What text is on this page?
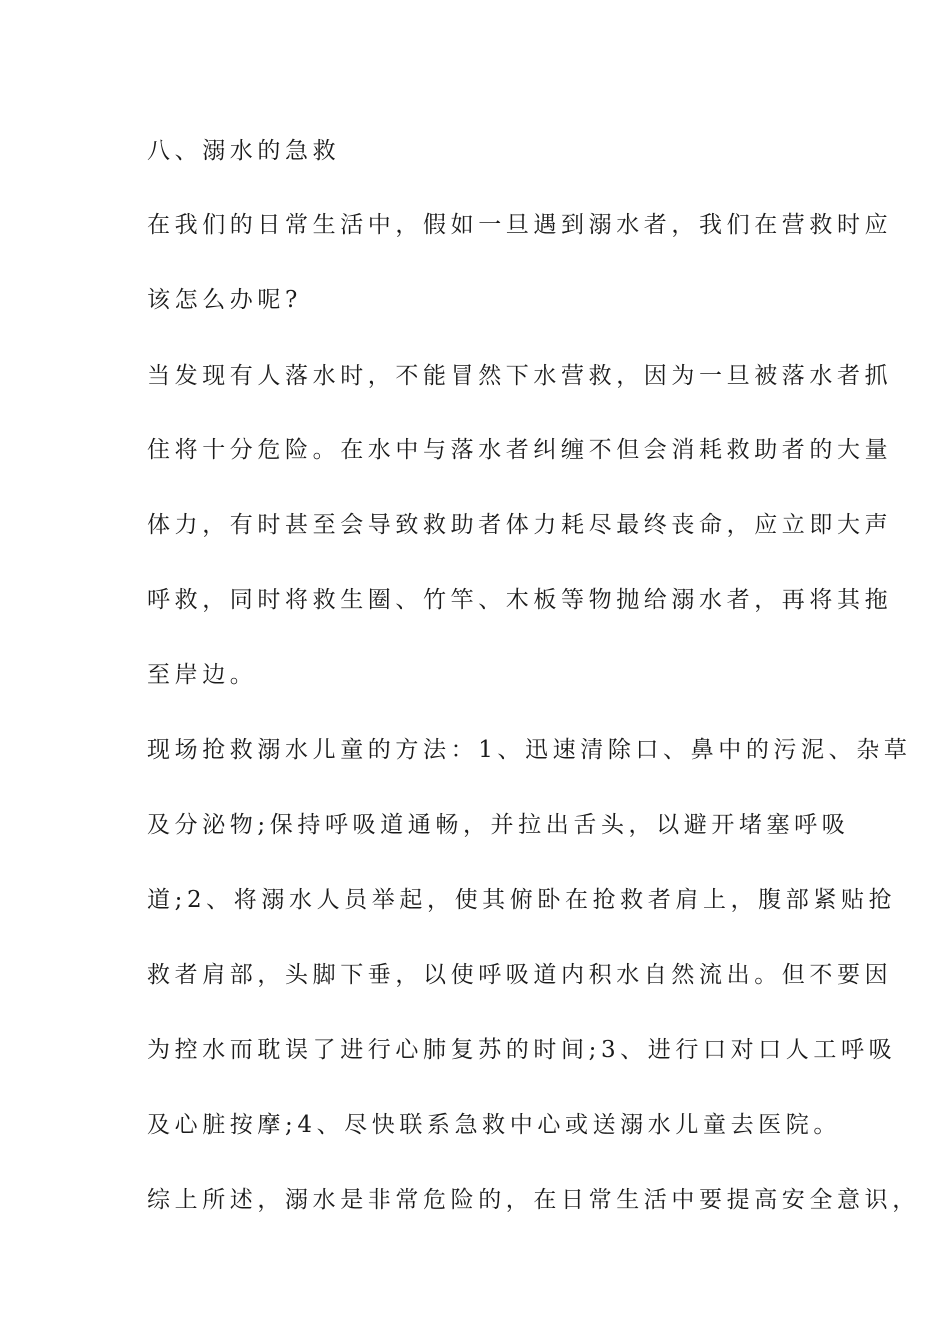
八、溺水的急救
在我们的日常生活中，假如一旦遇到溺水者，我们在营救时应
该怎么办呢?
当发现有人落水时，不能冒然下水营救，因为一旦被落水者抓
住将十分危险。在水中与落水者纠缠不但会消耗救助者的大量
体力，有时甚至会导致救助者体力耗尽最终丧命，应立即大声
呼救，同时将救生圈、竹竿、木板等物抛给溺水者，再将其拖
至岸边。
现场抢救溺水儿童的方法：1、迅速清除口、鼻中的污泥、杂草
及分泌物;保持呼吸道通畅，并拉出舌头，以避开堵塞呼吸
道;2、将溺水人员举起，使其俯卧在抢救者肩上，腹部紧贴抢
救者肩部，头脚下垂，以使呼吸道内积水自然流出。但不要因
为控水而耽误了进行心肺复苏的时间;3、进行口对口人工呼吸
及心脏按摩;4、尽快联系急救中心或送溺水儿童去医院。
综上所述，溺水是非常危险的，在日常生活中要提高安全意识，
